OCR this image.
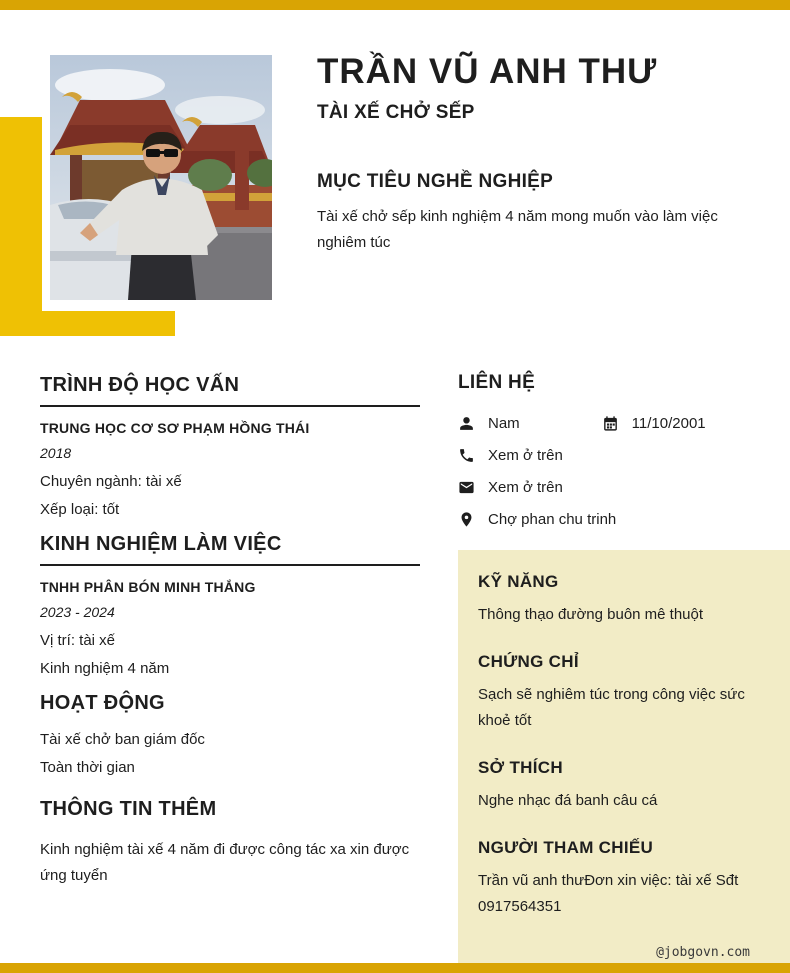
TRẦN VŨ ANH THƯ
TÀI XẾ CHỞ SẾP
MỤC TIÊU NGHỀ NGHIỆP

Tài xế chở sếp kinh nghiệm 4 năm mong muốn vào làm việc nghiêm túc

TRÌNH ĐỘ HỌC VẤN
TRUNG HỌC CƠ SƠ PHẠM HỒNG THÁI
2018
Chuyên ngành: tài xế
Xếp loại: tốt
KINH NGHIỆM LÀM VIỆC
TNHH PHÂN BÓN MINH THẮNG
2023 - 2024
Vị trí: tài xế
Kinh nghiệm 4 năm
HOẠT ĐỘNG
Tài xế chở ban giám đốc
Toàn thời gian
THÔNG TIN THÊM
Kinh nghiệm tài xế 4 năm đi được công tác xa xin được ứng tuyển
LIÊN HỆ
Nam	11/10/2001
Xem ở trên
Xem ở trên
Chợ phan chu trinh
KỸ NĂNG

Thông thạo đường buôn mê thuột

CHỨNG CHỈ

Sạch sẽ nghiêm túc trong công việc sức khoẻ tốt

SỞ THÍCH

Nghe nhạc đá banh câu cá

NGƯỜI THAM CHIẾU

Trần vũ anh thưĐơn xin việc: tài xế Sđt 0917564351

@jobgovn.com
